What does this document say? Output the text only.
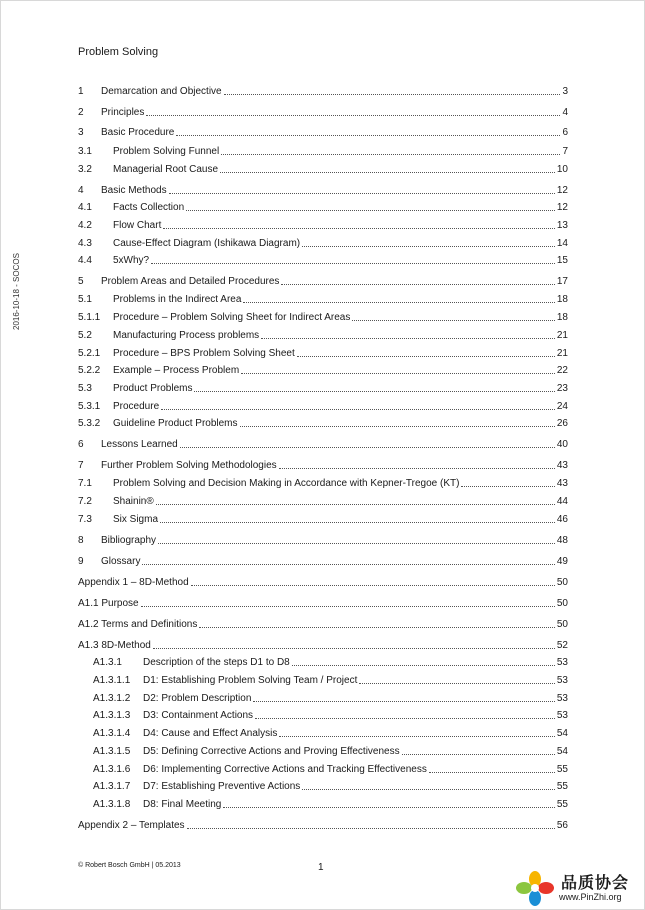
Problem Solving
2016-10-18 - SOCOS
1	Demarcation and Objective	3
2	Principles	4
3	Basic Procedure	6
3.1	Problem Solving Funnel	7
3.2	Managerial Root Cause	10
4	Basic Methods	12
4.1	Facts Collection	12
4.2	Flow Chart	13
4.3	Cause-Effect Diagram (Ishikawa Diagram)	14
4.4	5xWhy?	15
5	Problem Areas and Detailed Procedures	17
5.1	Problems in the Indirect Area	18
5.1.1	Procedure – Problem Solving Sheet for Indirect Areas	18
5.2	Manufacturing Process problems	21
5.2.1	Procedure – BPS Problem Solving Sheet	21
5.2.2	Example – Process Problem	22
5.3	Product Problems	23
5.3.1	Procedure	24
5.3.2	Guideline Product Problems	26
6	Lessons Learned	40
7	Further Problem Solving Methodologies	43
7.1	Problem Solving and Decision Making in Accordance with Kepner-Tregoe (KT)	43
7.2	Shainin®	44
7.3	Six Sigma	46
8	Bibliography	48
9	Glossary	49
Appendix 1 – 8D-Method	50
A1.1 Purpose	50
A1.2 Terms and Definitions	50
A1.3 8D-Method	52
A1.3.1	Description of the steps D1 to D8	53
A1.3.1.1	D1: Establishing Problem Solving Team / Project	53
A1.3.1.2	D2: Problem Description	53
A1.3.1.3	D3: Containment Actions	53
A1.3.1.4	D4: Cause and Effect Analysis	54
A1.3.1.5	D5: Defining Corrective Actions and Proving Effectiveness	54
A1.3.1.6	D6: Implementing Corrective Actions and Tracking Effectiveness	55
A1.3.1.7	D7: Establishing Preventive Actions	55
A1.3.1.8	D8: Final Meeting	55
Appendix 2 – Templates	56
© Robert Bosch GmbH | 05.2013	1
品质协会
www.PinZhi.org
